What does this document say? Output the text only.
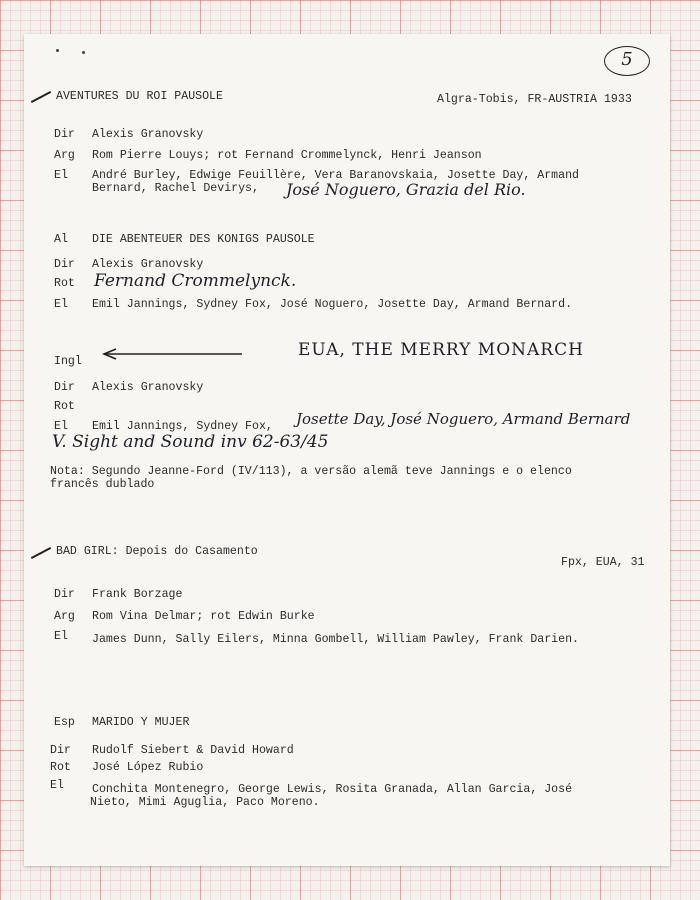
5
AVENTURES DU ROI PAUSOLE	Algra-Tobis, FR-AUSTRIA 1933
Dir Alexis Granovsky
Arg Rom Pierre Louys; rot Fernand Crommelynck, Henri Jeanson
El André Burley, Edwige Feuillère, Vera Baranovskaia, Josette Day, Armand
Bernard, Rachel Devirys, José Noguero, Grazia del Rio.
Al DIE ABENTEUER DES KONIGS PAUSOLE
Dir Alexis Granovsky
Rot Fernand Crommelynck.
El Emil Jannings, Sydney Fox, José Noguero, Josette Day, Armand Bernard.
Ingl
EUA, THE MERRY MONARCH
Dir Alexis Granovsky
Rot
El Emil Jannings, Sydney Fox, Josette Day, José Noguero, Armand Bernard
V. Sight and Sound inv 62-63/45
Nota: Segundo Jeanne-Ford (IV/113), a versão alemã teve Jannings e o elenco
francês dublado
BAD GIRL: Depois do Casamento
Fpx, EUA, 31
Dir Frank Borzage
Arg Rom Vina Delmar; rot Edwin Burke
El James Dunn, Sally Eilers, Minna Gombell, William Pawley, Frank Darien.
Esp MARIDO Y MUJER
Dir Rudolf Siebert & David Howard
Rot José López Rubio
El Conchita Montenegro, George Lewis, Rosita Granada, Allan Garcia, José
Nieto, Mimi Aguglia, Paco Moreno.
